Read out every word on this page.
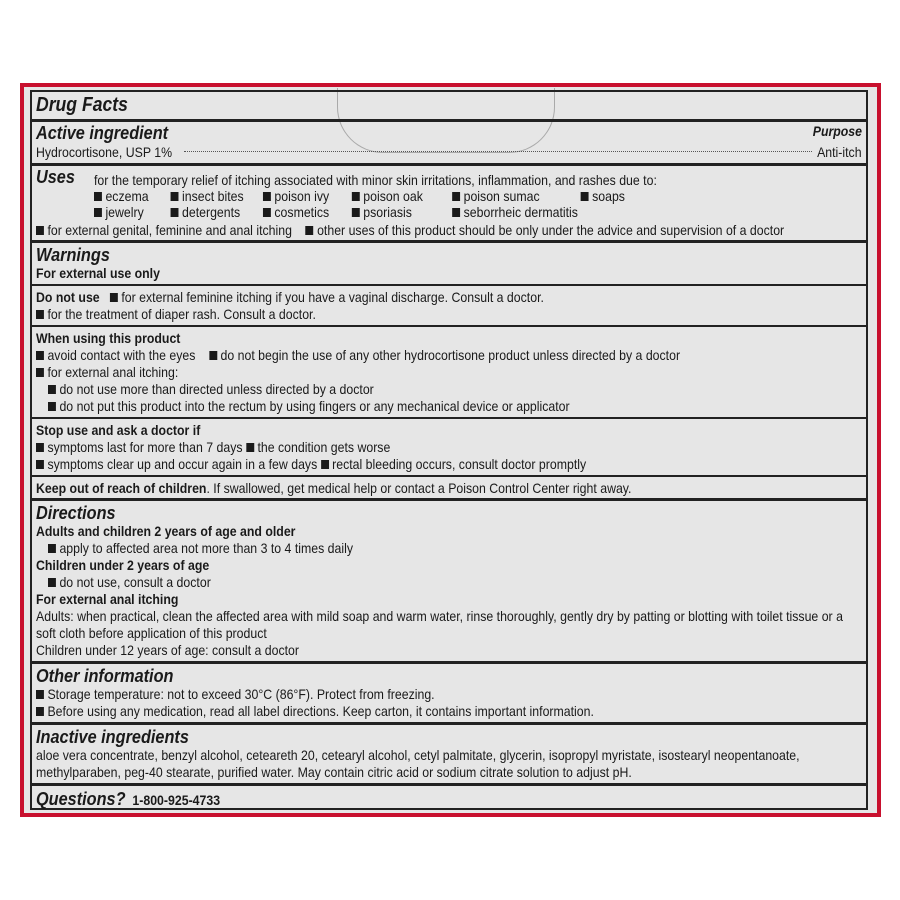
Drug Facts
Active ingredient	Purpose
Hydrocortisone, USP 1%	Anti-itch
Uses for the temporary relief of itching associated with minor skin irritations, inflammation, and rashes due to:
eczema	insect bites	poison ivy	poison oak	poison sumac	soaps
jewelry	detergents	cosmetics	psoriasis	seborrheic dermatitis
for external genital, feminine and anal itching other uses of this product should be only under the advice and supervision of a doctor
Warnings
For external use only
Do not use for external feminine itching if you have a vaginal discharge. Consult a doctor.
for the treatment of diaper rash. Consult a doctor.
When using this product
avoid contact with the eyes do not begin the use of any other hydrocortisone product unless directed by a doctor
for external anal itching:
do not use more than directed unless directed by a doctor
do not put this product into the rectum by using fingers or any mechanical device or applicator
Stop use and ask a doctor if
symptoms last for more than 7 days the condition gets worse
symptoms clear up and occur again in a few days rectal bleeding occurs, consult doctor promptly
Keep out of reach of children. If swallowed, get medical help or contact a Poison Control Center right away.
Directions
Adults and children 2 years of age and older
apply to affected area not more than 3 to 4 times daily
Children under 2 years of age
do not use, consult a doctor
For external anal itching
Adults: when practical, clean the affected area with mild soap and warm water, rinse thoroughly, gently dry by patting or blotting with toilet tissue or a
soft cloth before application of this product
Children under 12 years of age: consult a doctor
Other information
Storage temperature: not to exceed 30°C (86°F). Protect from freezing.
Before using any medication, read all label directions. Keep carton, it contains important information.
Inactive ingredients
aloe vera concentrate, benzyl alcohol, ceteareth 20, cetearyl alcohol, cetyl palmitate, glycerin, isopropyl myristate, isostearyl neopentanoate,
methylparaben, peg-40 stearate, purified water. May contain citric acid or sodium citrate solution to adjust pH.
Questions? 1-800-925-4733
